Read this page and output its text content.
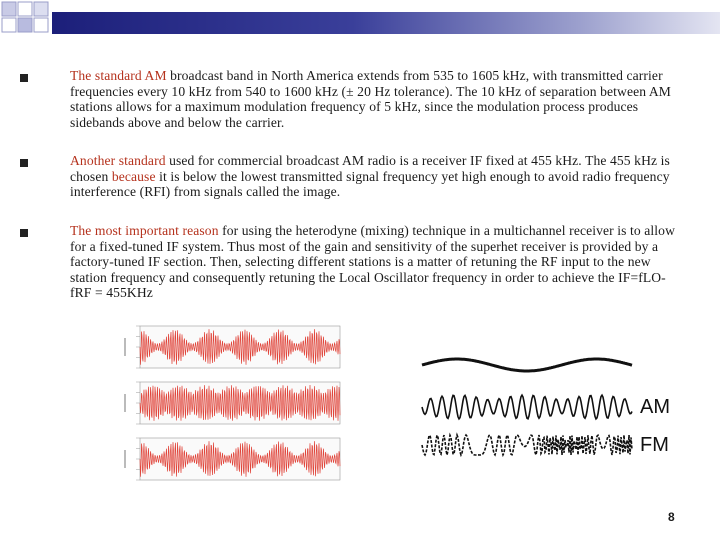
The standard AM broadcast band in North America extends from 535 to 1605 kHz, with transmitted carrier frequencies every 10 kHz from 540 to 1600 kHz (± 20 Hz tolerance). The 10 kHz of separation between AM stations allows for a maximum modulation frequency of 5 kHz, since the modulation process produces sidebands above and below the carrier.

Another standard used for commercial broadcast AM radio is a receiver IF fixed at 455 kHz. The 455 kHz is chosen because it is below the lowest transmitted signal frequency yet high enough to avoid radio frequency interference (RFI) from signals called the image.

The most important reason for using the heterodyne (mixing) technique in a multichannel receiver is to allow for a fixed-tuned IF system. Thus most of the gain and sensitivity of the superhet receiver is provided by a factory-tuned IF section. Then, selecting different stations is a matter of retuning the RF input to the new station frequency and consequently retuning the Local Oscillator frequency in order to achieve the IF=fLO-fRF = 455KHz

AM
FM
8
